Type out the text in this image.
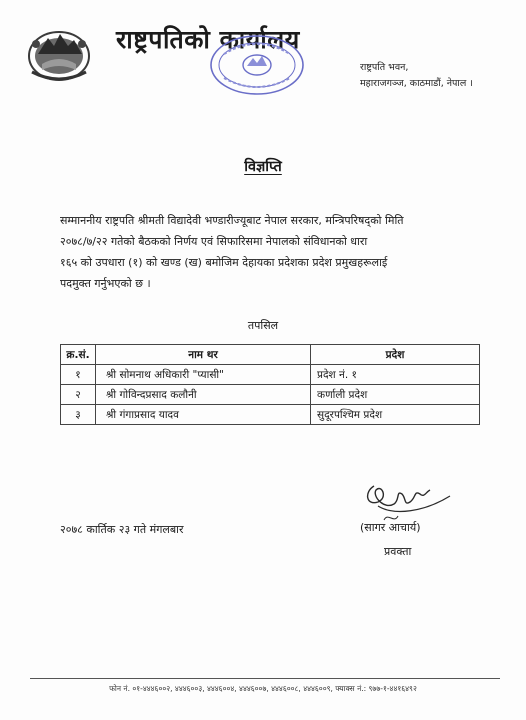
राष्ट्रपतिको कार्यालय
राष्ट्रपति भवन,
महाराजगञ्ज, काठमाडौं, नेपाल ।
विज्ञप्ति
सम्माननीय राष्ट्रपति श्रीमती विद्यादेवी भण्डारीज्यूबाट नेपाल सरकार, मन्त्रिपरिषद्को मिति
२०७८/७/२२ गतेको बैठकको निर्णय एवं सिफारिसमा नेपालको संविधानको धारा
१६५ को उपधारा (१) को खण्ड (ख) बमोजिम देहायका प्रदेशका प्रदेश प्रमुखहरूलाई
पदमुक्त गर्नुभएको छ ।
तपसिल
क्र.सं.	नाम थर	प्रदेश
१	श्री सोमनाथ अधिकारी "प्यासी"	प्रदेश नं. १
२	श्री गोविन्दप्रसाद कलौनी	कर्णाली प्रदेश
३	श्री गंगाप्रसाद यादव	सुदूरपश्चिम प्रदेश
२०७८ कार्तिक २३ गते मंगलबार	(सागर आचार्य)
प्रवक्ता
फोन नं. ०१-४४४६००२, ४४४६००३, ४४४६००४, ४४४६००७, ४४४६००८, ४४४६००९, फ्याक्स नं.: ९७७-१-४४१६४९२
